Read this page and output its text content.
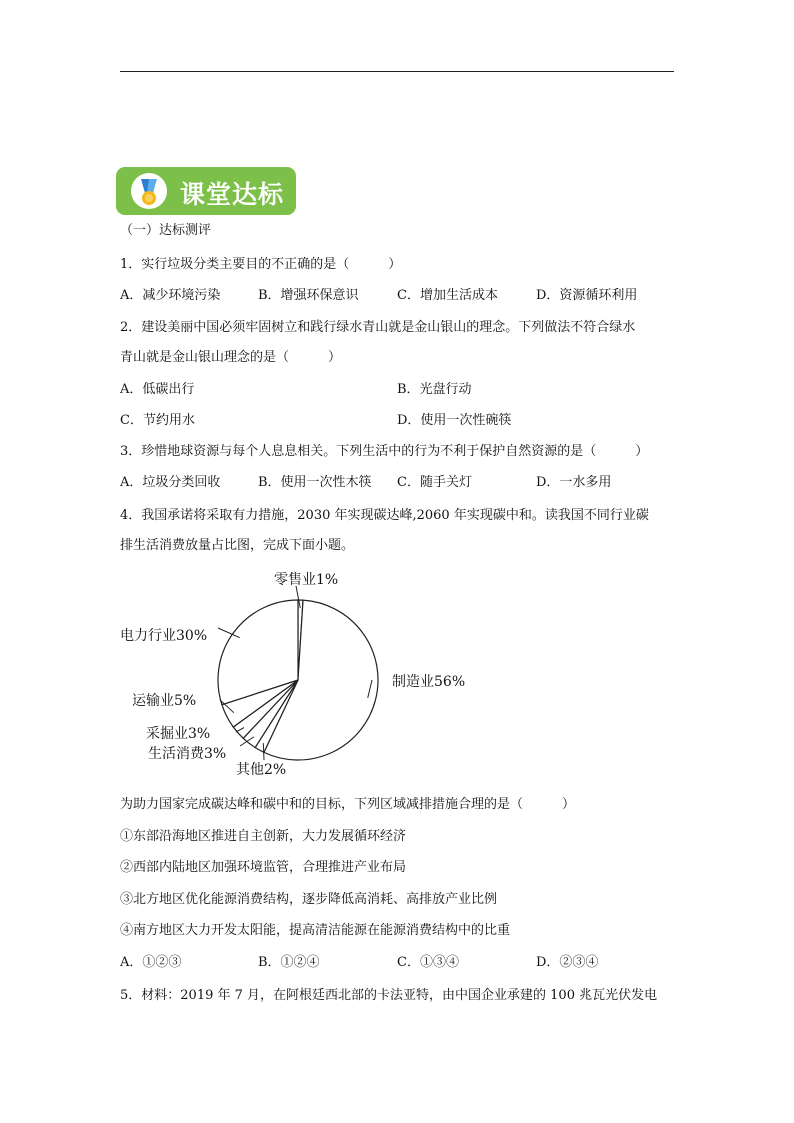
课堂达标
（一）达标测评
1．实行垃圾分类主要目的不正确的是（　　　）
A．减少环境污染	B．增强环保意识	C．增加生活成本	D．资源循环利用
2．建设美丽中国必须牢固树立和践行绿水青山就是金山银山的理念。下列做法不符合绿水
青山就是金山银山理念的是（　　　）
A．低碳出行	B．光盘行动
C．节约用水	D．使用一次性碗筷
3．珍惜地球资源与每个人息息相关。下列生活中的行为不利于保护自然资源的是（　　　）
A．垃圾分类回收	B．使用一次性木筷 C．随手关灯	D．一水多用
4．我国承诺将采取有力措施，2030 年实现碳达峰,2060 年实现碳中和。读我国不同行业碳
排生活消费放量占比图，完成下面小题。
零售业1%
制造业56%
其他2%
生活消费3%
采掘业3%
运输业5%
电力行业30%
为助力国家完成碳达峰和碳中和的目标，下列区域减排措施合理的是（　　　）
①东部沿海地区推进自主创新，大力发展循环经济
②西部内陆地区加强环境监管，合理推进产业布局
③北方地区优化能源消费结构，逐步降低高消耗、高排放产业比例
④南方地区大力开发太阳能，提高清洁能源在能源消费结构中的比重
A．①②③	B．①②④	C．①③④	D．②③④
5．材料：2019 年 7 月，在阿根廷西北部的卡法亚特，由中国企业承建的 100 兆瓦光伏发电
